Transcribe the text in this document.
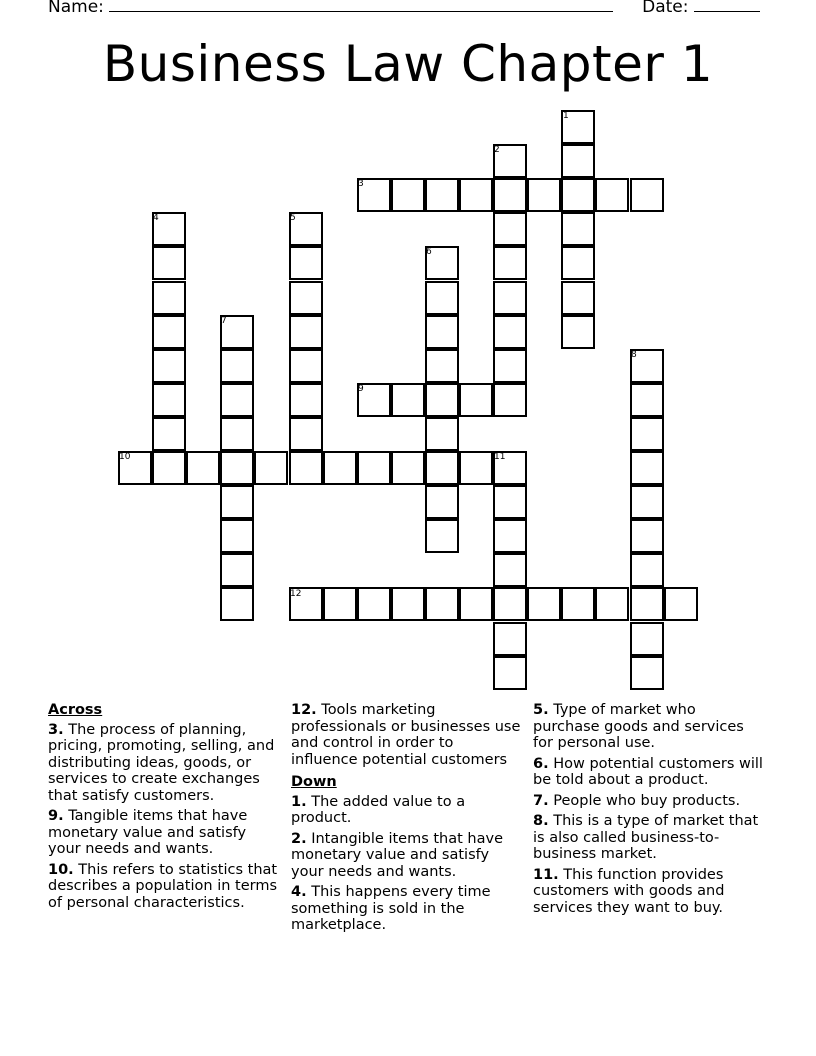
Name:	Date:
Business Law Chapter 1
1
2
3
4	5
6
7
8
9
10	11
12
Across
3. The process of planning, pricing, promoting, selling, and distributing ideas, goods, or services to create exchanges that satisfy customers.
9. Tangible items that have monetary value and satisfy your needs and wants.
10. This refers to statistics that describes a population in terms of personal characteristics.
12. Tools marketing professionals or businesses use and control in order to influence potential customers
Down
1. The added value to a product.
2. Intangible items that have monetary value and satisfy your needs and wants.
4. This happens every time something is sold in the marketplace.
5. Type of market who purchase goods and services for personal use.
6. How potential customers will be told about a product.
7. People who buy products.
8. This is a type of market that is also called business-to-business market.
11. This function provides customers with goods and services they want to buy.
